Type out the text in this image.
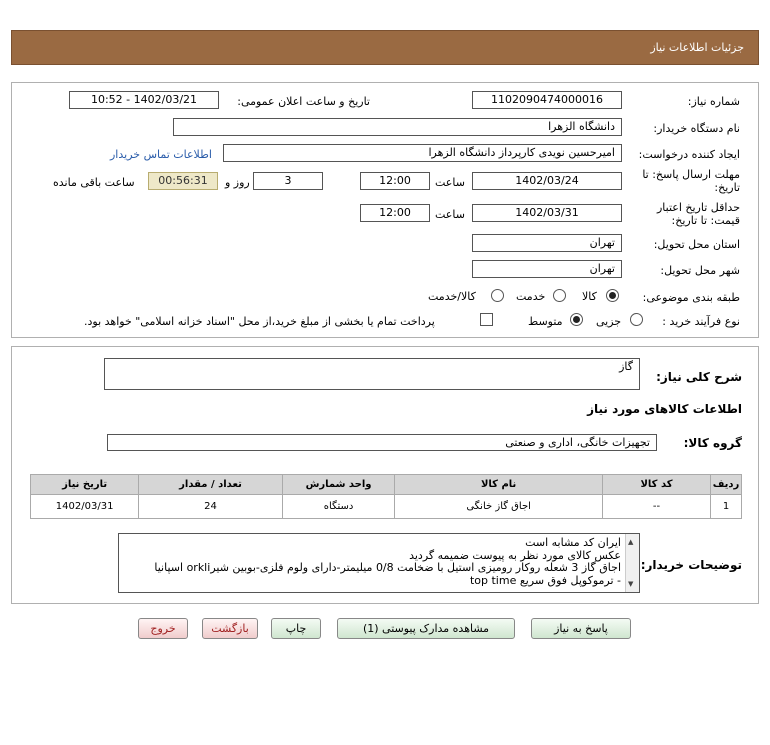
جزئیات اطلاعات نیاز
شماره نیاز:
1102090474000016
تاریخ و ساعت اعلان عمومی:
1402/03/21 - 10:52
نام دستگاه خریدار:
دانشگاه الزهرا
ایجاد کننده درخواست:
امیرحسین نویدی کارپرداز دانشگاه الزهرا
اطلاعات تماس خریدار
مهلت ارسال پاسخ: تا
تاریخ:
1402/03/24
ساعت
12:00
3
روز و
00:56:31
ساعت باقی مانده
حداقل تاریخ اعتبار
قیمت: تا تاریخ:
1402/03/31
ساعت
12:00
استان محل تحویل:
تهران
شهر محل تحویل:
تهران
طبقه بندی موضوعی:
کالا
خدمت
کالا/خدمت
نوع فرآیند خرید :
جزیی
متوسط
پرداخت تمام یا بخشی از مبلغ خرید،از محل "اسناد خزانه اسلامی" خواهد بود.
شرح کلی نیاز:
گاز
اطلاعات کالاهای مورد نیاز
گروه کالا:
تجهیزات خانگی، اداری و صنعتی
ردیف	کد کالا	نام کالا	واحد شمارش	تعداد / مقدار	تاریخ نیاز
1	--	اجاق گاز خانگی	دستگاه	24	1402/03/31
توضیحات خریدار:
ایران کد مشابه است
عکس کالای مورد نظر به پیوست ضمیمه گردید
اجاق گاز 3 شعله روکار رومیزی استیل با ضخامت 0/8 میلیمتر-دارای ولوم فلزی-بوبین شیرorkli اسپانیا
- ترموکوپل فوق سریع top time
▲
▼
پاسخ به نیاز
مشاهده مدارک پیوستی (1)
چاپ
بازگشت
خروج
